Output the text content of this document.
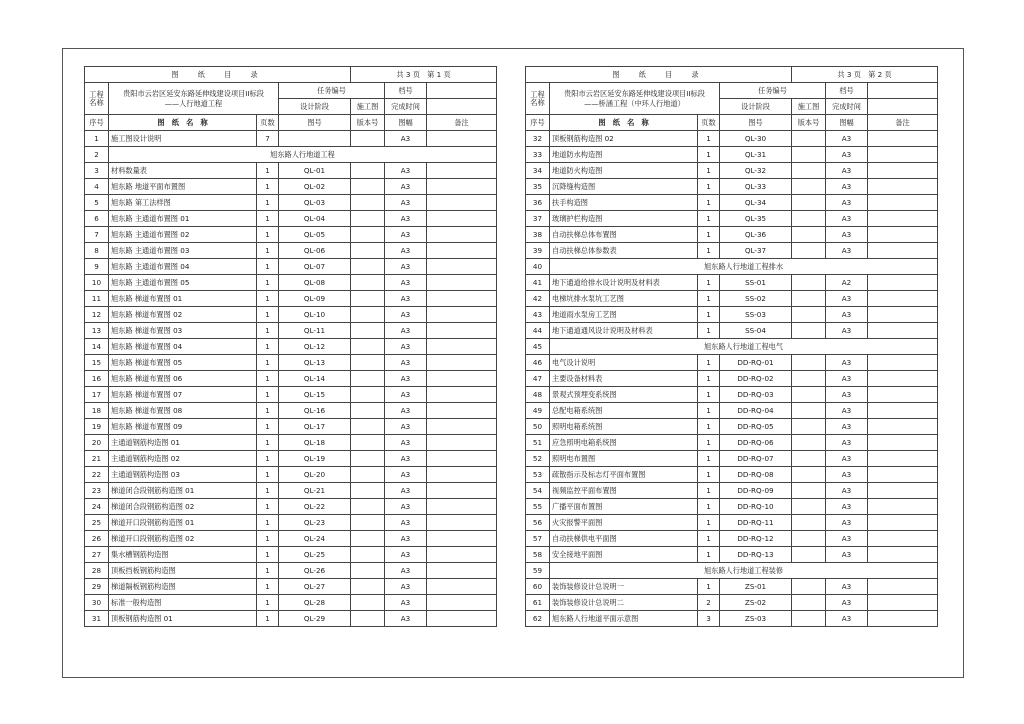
图　纸　目　录				共 3 页　第 1 页		
工程名称	贵阳市云岩区延安东路延伸线建设项目II标段
——人行地道工程		任务编号		档号	
			设计阶段	施工图	完成时间	
序号	图　纸　名　称	页数	图号	版本号	图幅	备注
1	施工图设计说明	7			A3	
2	旭东路人行地道工程					
3	材料数量表	1	QL-01		A3	
4	旭东路 地道平面布置图	1	QL-02		A3	
5	旭东路 第工法样图	1	QL-03		A3	
6	旭东路 主通道布置图 01	1	QL-04		A3	
7	旭东路 主通道布置图 02	1	QL-05		A3	
8	旭东路 主通道布置图 03	1	QL-06		A3	
9	旭东路 主通道布置图 04	1	QL-07		A3	
10	旭东路 主通道布置图 05	1	QL-08		A3	
11	旭东路 梯道布置图 01	1	QL-09		A3	
12	旭东路 梯道布置图 02	1	QL-10		A3	
13	旭东路 梯道布置图 03	1	QL-11		A3	
14	旭东路 梯道布置图 04	1	QL-12		A3	
15	旭东路 梯道布置图 05	1	QL-13		A3	
16	旭东路 梯道布置图 06	1	QL-14		A3	
17	旭东路 梯道布置图 07	1	QL-15		A3	
18	旭东路 梯道布置图 08	1	QL-16		A3	
19	旭东路 梯道布置图 09	1	QL-17		A3	
20	主通道钢筋构造图 01	1	QL-18		A3	
21	主通道钢筋构造图 02	1	QL-19		A3	
22	主通道钢筋构造图 03	1	QL-20		A3	
23	梯道闭合段钢筋构造图 01	1	QL-21		A3	
24	梯道闭合段钢筋构造图 02	1	QL-22		A3	
25	梯道开口段钢筋构造图 01	1	QL-23		A3	
26	梯道开口段钢筋构造图 02	1	QL-24		A3	
27	集水槽钢筋构造图	1	QL-25		A3	
28	顶板挡板钢筋构造图	1	QL-26		A3	
29	梯道隔板钢筋构造图	1	QL-27		A3	
30	标准一般构造图	1	QL-28		A3	
31	顶板钢筋构造图 01	1	QL-29		A3	
图　纸　目　录				共 3 页　第 2 页		
工程名称	贵阳市云岩区延安东路延伸线建设项目II标段
——桥涵工程（中环人行地道）		任务编号		档号	
			设计阶段	施工图	完成时间	
序号	图　纸　名　称	页数	图号	版本号	图幅	备注
32	顶板钢筋构造图 02	1	QL-30		A3	
33	地道防水构造图	1	QL-31		A3	
34	地道防火构造图	1	QL-32		A3	
35	沉降缝构造图	1	QL-33		A3	
36	扶手构造图	1	QL-34		A3	
37	玻璃护栏构造图	1	QL-35		A3	
38	自动扶梯总体布置图	1	QL-36		A3	
39	自动扶梯总体参数表	1	QL-37		A3	
40	旭东路人行地道工程排水					
41	地下通道给排水设计说明及材料表	1	SS-01		A2	
42	电梯坑排水泵坑工艺图	1	SS-02		A3	
43	地道雨水泵房工艺图	1	SS-03		A3	
44	地下通道通风设计说明及材料表	1	SS-04		A3	
45	旭东路人行地道工程电气					
46	电气设计说明	1	DD-RQ-01		A3	
47	主要设备材料表	1	DD-RQ-02		A3	
48	景观式预埋变系统图	1	DD-RQ-03		A3	
49	总配电箱系统图	1	DD-RQ-04		A3	
50	照明电箱系统图	1	DD-RQ-05		A3	
51	应急照明电箱系统图	1	DD-RQ-06		A3	
52	照明电布置图	1	DD-RQ-07		A3	
53	疏散指示及标志灯平面布置图	1	DD-RQ-08		A3	
54	视频监控平面布置图	1	DD-RQ-09		A3	
55	广播平面布置图	1	DD-RQ-10		A3	
56	火灾报警平面图	1	DD-RQ-11		A3	
57	自动扶梯供电平面图	1	DD-RQ-12		A3	
58	安全接地平面图	1	DD-RQ-13		A3	
59	旭东路人行地道工程装修					
60	装饰装修设计总说明一	1	ZS-01		A3	
61	装饰装修设计总说明二	2	ZS-02		A3	
62	旭东路人行地道平面示意图	3	ZS-03		A3	
